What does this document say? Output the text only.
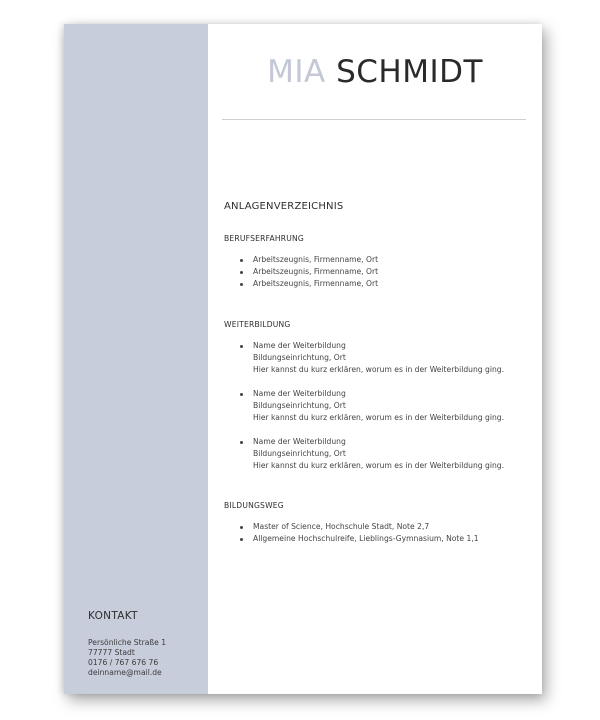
KONTAKT
Persönliche Straße 1
77777 Stadt
0176 / 767 676 76
deinname@mail.de
MIA SCHMIDT
ANLAGENVERZEICHNIS
BERUFSERFAHRUNG
Arbeitszeugnis, Firmenname, Ort
Arbeitszeugnis, Firmenname, Ort
Arbeitszeugnis, Firmenname, Ort
WEITERBILDUNG
Name der Weiterbildung
Bildungseinrichtung, Ort
Hier kannst du kurz erklären, worum es in der Weiterbildung ging.
Name der Weiterbildung
Bildungseinrichtung, Ort
Hier kannst du kurz erklären, worum es in der Weiterbildung ging.
Name der Weiterbildung
Bildungseinrichtung, Ort
Hier kannst du kurz erklären, worum es in der Weiterbildung ging.
BILDUNGSWEG
Master of Science, Hochschule Stadt, Note 2,7
Allgemeine Hochschulreife, Lieblings-Gymnasium, Note 1,1
